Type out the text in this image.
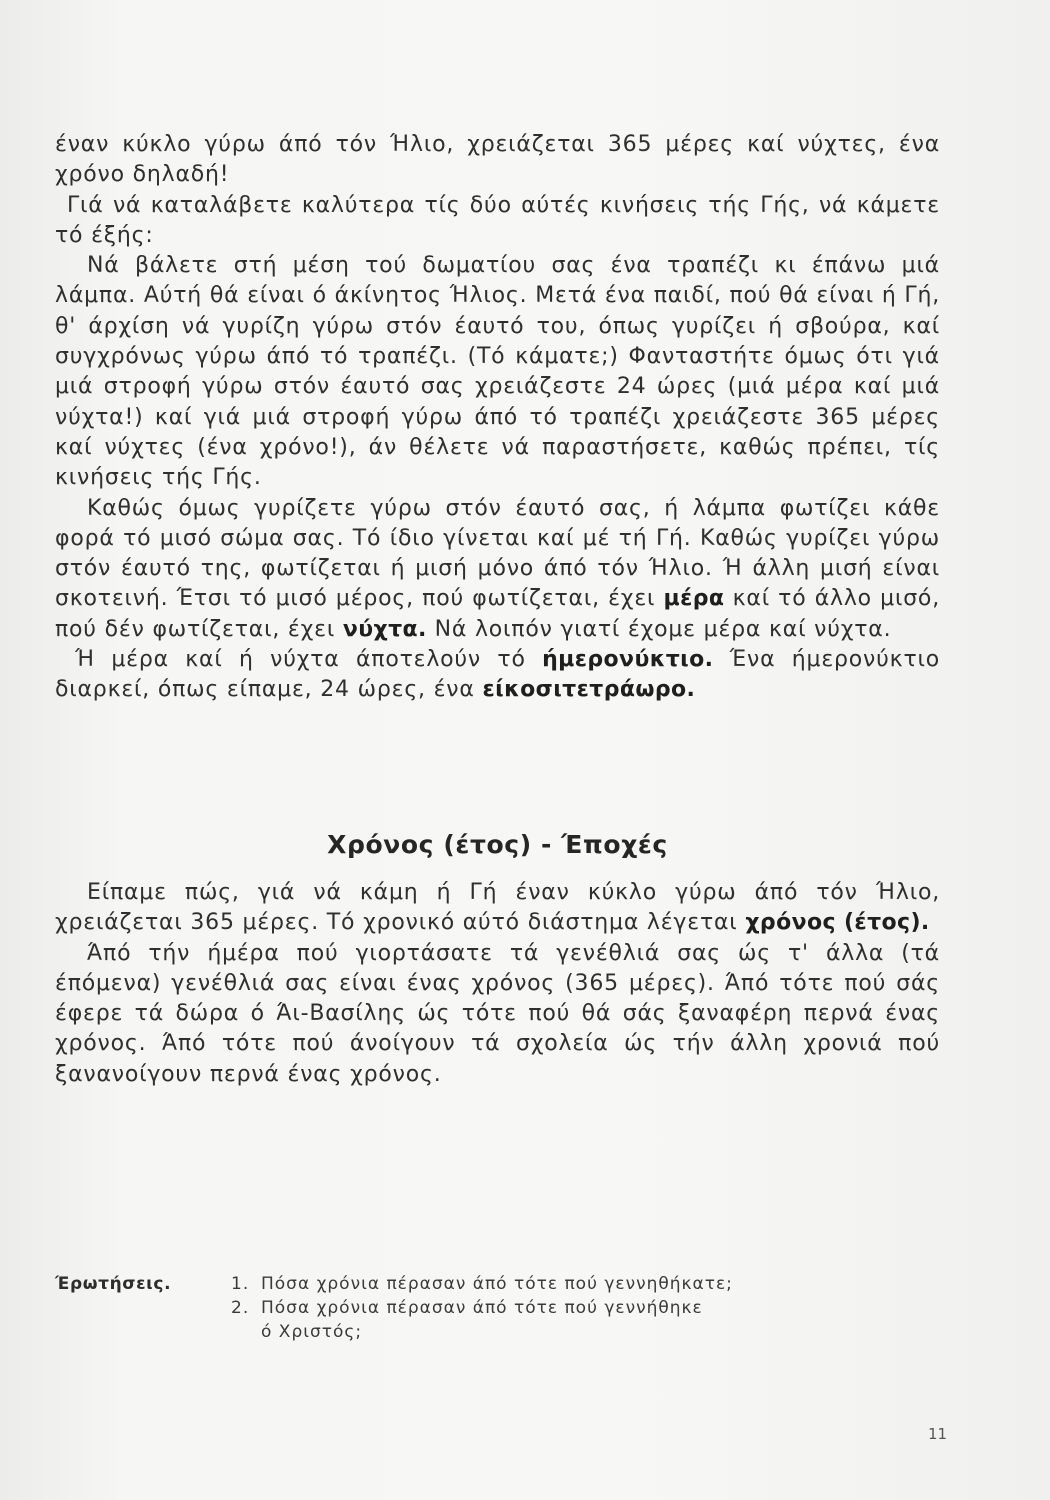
έναν κύκλο γύρω άπό τόν Ήλιο, χρειάζεται 365 μέρες καί νύχτες, ένα χρόνο δηλαδή!

Γιά νά καταλάβετε καλύτερα τίς δύο αύτές κινήσεις τής Γής, νά κάμετε τό έξής:

Νά βάλετε στή μέση τού δωματίου σας ένα τραπέζι κι έπάνω μιά λάμπα. Αύτή θά είναι ό άκίνητος Ήλιος. Μετά ένα παιδί, πού θά είναι ή Γή, θ' άρχίση νά γυρίζη γύρω στόν έαυτό του, όπως γυρίζει ή σβούρα, καί συγχρόνως γύρω άπό τό τραπέζι. (Τό κάματε;) Φανταστήτε όμως ότι γιά μιά στροφή γύρω στόν έαυτό σας χρειάζεστε 24 ώρες (μιά μέρα καί μιά νύχτα!) καί γιά μιά στροφή γύρω άπό τό τραπέζι χρειάζεστε 365 μέρες καί νύχτες (ένα χρόνο!), άν θέλετε νά παραστήσετε, καθώς πρέπει, τίς κινήσεις τής Γής.

Καθώς όμως γυρίζετε γύρω στόν έαυτό σας, ή λάμπα φωτίζει κάθε φορά τό μισό σώμα σας. Τό ίδιο γίνεται καί μέ τή Γή. Καθώς γυρίζει γύρω στόν έαυτό της, φωτίζεται ή μισή μόνο άπό τόν Ήλιο. Ή άλλη μισή είναι σκοτεινή. Έτσι τό μισό μέρος, πού φωτίζεται, έχει μέρα καί τό άλλο μισό, πού δέν φωτίζεται, έχει νύχτα. Νά λοιπόν γιατί έχομε μέρα καί νύχτα.

Ή μέρα καί ή νύχτα άποτελούν τό ήμερονύκτιο. Ένα ήμερονύκτιο διαρκεί, όπως είπαμε, 24 ώρες, ένα είκοσιτετράωρο.

Χρόνος (έτος) - Έποχές

Είπαμε πώς, γιά νά κάμη ή Γή έναν κύκλο γύρω άπό τόν Ήλιο, χρειάζεται 365 μέρες. Τό χρονικό αύτό διάστημα λέγεται χρόνος (έτος).

Άπό τήν ήμέρα πού γιορτάσατε τά γενέθλιά σας ώς τ' άλλα (τά έπόμενα) γενέθλιά σας είναι ένας χρόνος (365 μέρες). Άπό τότε πού σάς έφερε τά δώρα ό Άι-Βασίλης ώς τότε πού θά σάς ξαναφέρη περνά ένας χρόνος. Άπό τότε πού άνοίγουν τά σχολεία ώς τήν άλλη χρονιά πού ξανανοίγουν περνά ένας χρόνος.

Έρωτήσεις.	1. Πόσα χρόνια πέρασαν άπό τότε πού γεννηθήκατε;
2. Πόσα χρόνια πέρασαν άπό τότε πού γεννήθηκε
ό Χριστός;
11
